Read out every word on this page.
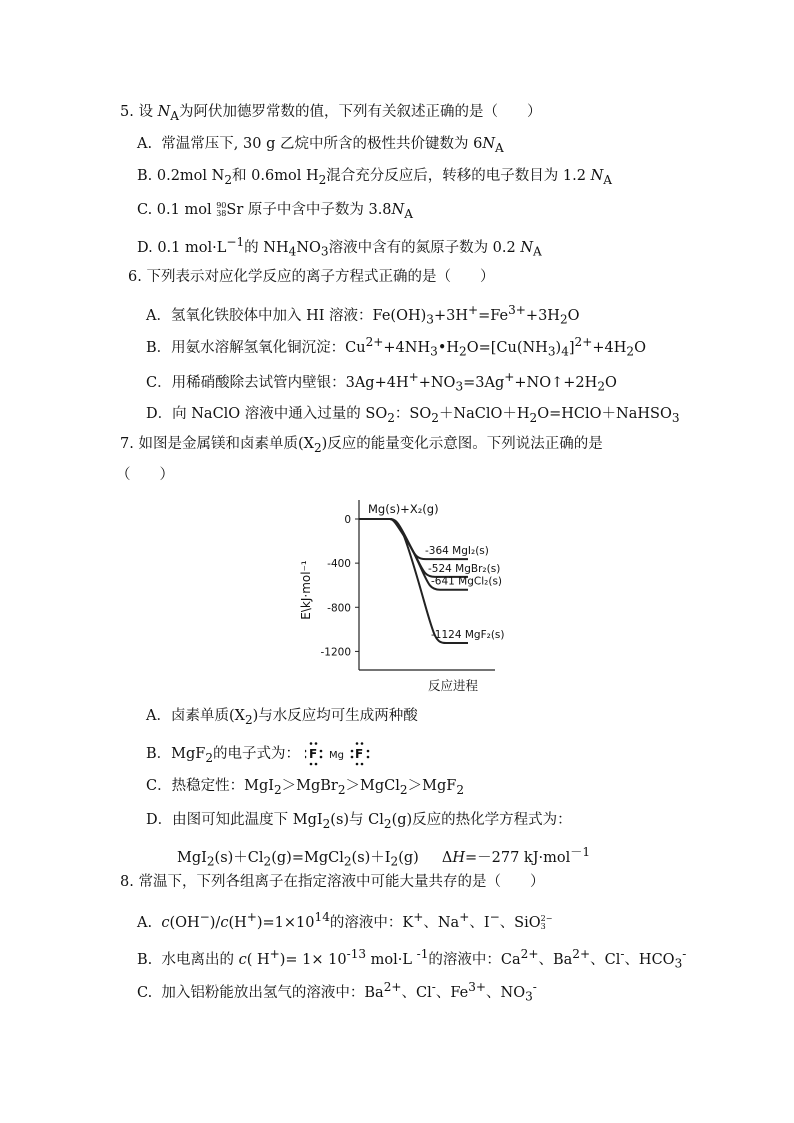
5. 设 $N_A$为阿伏加德罗常数的值，下列有关叙述正确的是（　　）
A.  常温常压下, 30 g 乙烷中所含的极性共价键数为 $6N_A$
B. 0.2mol $N_2$和 0.6mol $H_2$混合充分反应后，转移的电子数目为 1.2 $N_A$
C. 0.1 mol 90
38Sr 原子中含中子数为 $3.8N_A$
D. 0.1 $mol\cdot L^{-1}$的 $NH_4NO_3$溶液中含有的氮原子数为 0.2 $N_A$
6. 下列表示对应化学反应的离子方程式正确的是（　　）
A．氢氧化铁胶体中加入 HI 溶液：$Fe(OH)_3+3H^+=Fe^{3+}+3H_2O$
B．用氨水溶解氢氧化铜沉淀：$Cu^{2+}+4NH_3•H_2O=[Cu(NH_3)_4]^{2+}+4H_2O$
C．用稀硝酸除去试管内壁银：$3Ag+4H^++NO_3=3Ag^++NO↑+2H_2O$
D．向 NaClO 溶液中通入过量的 $SO_2$：$SO_2+NaClO+H_2O=HClO+NaHSO_3$
7. 如图是金属镁和卤素单质$(X_2)$反应的能量变化示意图。下列说法正确的是
（　　）
0
-400
-800
-1200
E\kJ·mol⁻¹
反应进程
Mg(s)+X₂(g)
-364 MgI₂(s)
-524 MgBr₂(s)
-641 MgCl₂(s)
-1124 MgF₂(s)
A．卤素单质$(X_2)$与水反应均可生成两种酸
B．MgF$_2$的电子式为： F Mg F
C．热稳定性：MgI$_2$＞MgBr$_2$＞MgCl$_2$＞MgF$_2$
D．由图可知此温度下 MgI$_2$(s)与 $Cl_2(g)$反应的热化学方程式为：
$MgI_2(s)+Cl_2(g)=MgCl_2(s)+I_2(g)$     ΔH=－277 kJ·mol$^{-1}$
8. 常温下，下列各组离子在指定溶液中可能大量共存的是（　　）
A.  $c(OH^-)/c(H^+)=1\times 10^{14}$的溶液中：K+、Na+、I−、SiO2−
3
B.  水电离出的 c( $H^+)= 1\times 10^{-13}$ mol·L $^{-1}$的溶液中：$Ca^{2+}$、$Ba^{2+}$、Cl-、$HCO_3^-$
C.  加入铝粉能放出氢气的溶液中：$Ba^{2+}$、Cl-、$Fe^{3+}$、$NO_3^-$
